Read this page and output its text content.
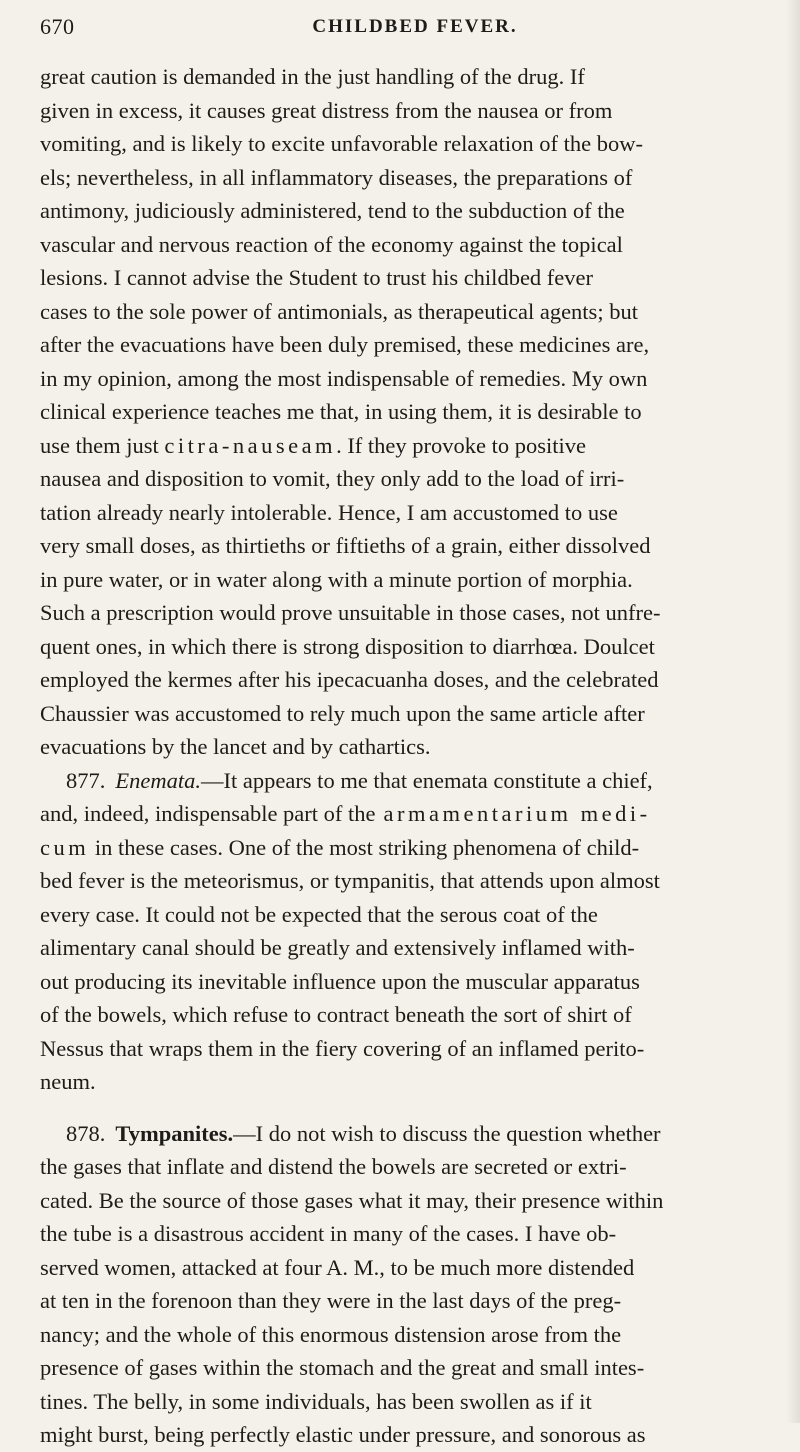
670	CHILDBED FEVER.
great caution is demanded in the just handling of the drug. If
given in excess, it causes great distress from the nausea or from
vomiting, and is likely to excite unfavorable relaxation of the bow-
els; nevertheless, in all inflammatory diseases, the preparations of
antimony, judiciously administered, tend to the subduction of the
vascular and nervous reaction of the economy against the topical
lesions. I cannot advise the Student to trust his childbed fever
cases to the sole power of antimonials, as therapeutical agents; but
after the evacuations have been duly premised, these medicines are,
in my opinion, among the most indispensable of remedies. My own
clinical experience teaches me that, in using them, it is desirable to
use them just citra-nauseam . If they provoke to positive
nausea and disposition to vomit, they only add to the load of irri-
tation already nearly intolerable. Hence, I am accustomed to use
very small doses, as thirtieths or fiftieths of a grain, either dissolved
in pure water, or in water along with a minute portion of morphia.
Such a prescription would prove unsuitable in those cases, not unfre-
quent ones, in which there is strong disposition to diarrhœa. Doulcet
employed the kermes after his ipecacuanha doses, and the celebrated
Chaussier was accustomed to rely much upon the same article after
evacuations by the lancet and by cathartics.
877. Enemata. —It appears to me that enemata constitute a chief,
and, indeed, indispensable part of the armamentarium medi-
cum in these cases. One of the most striking phenomena of child-
bed fever is the meteorismus, or tympanitis, that attends upon almost
every case. It could not be expected that the serous coat of the
alimentary canal should be greatly and extensively inflamed with-
out producing its inevitable influence upon the muscular apparatus
of the bowels, which refuse to contract beneath the sort of shirt of
Nessus that wraps them in the fiery covering of an inflamed perito-
neum.
878. Tympanites. —I do not wish to discuss the question whether
the gases that inflate and distend the bowels are secreted or extri-
cated. Be the source of those gases what it may, their presence within
the tube is a disastrous accident in many of the cases. I have ob-
served women, attacked at four A. M., to be much more distended
at ten in the forenoon than they were in the last days of the preg-
nancy; and the whole of this enormous distension arose from the
presence of gases within the stomach and the great and small intes-
tines. The belly, in some individuals, has been swollen as if it
might burst, being perfectly elastic under pressure, and sonorous as
